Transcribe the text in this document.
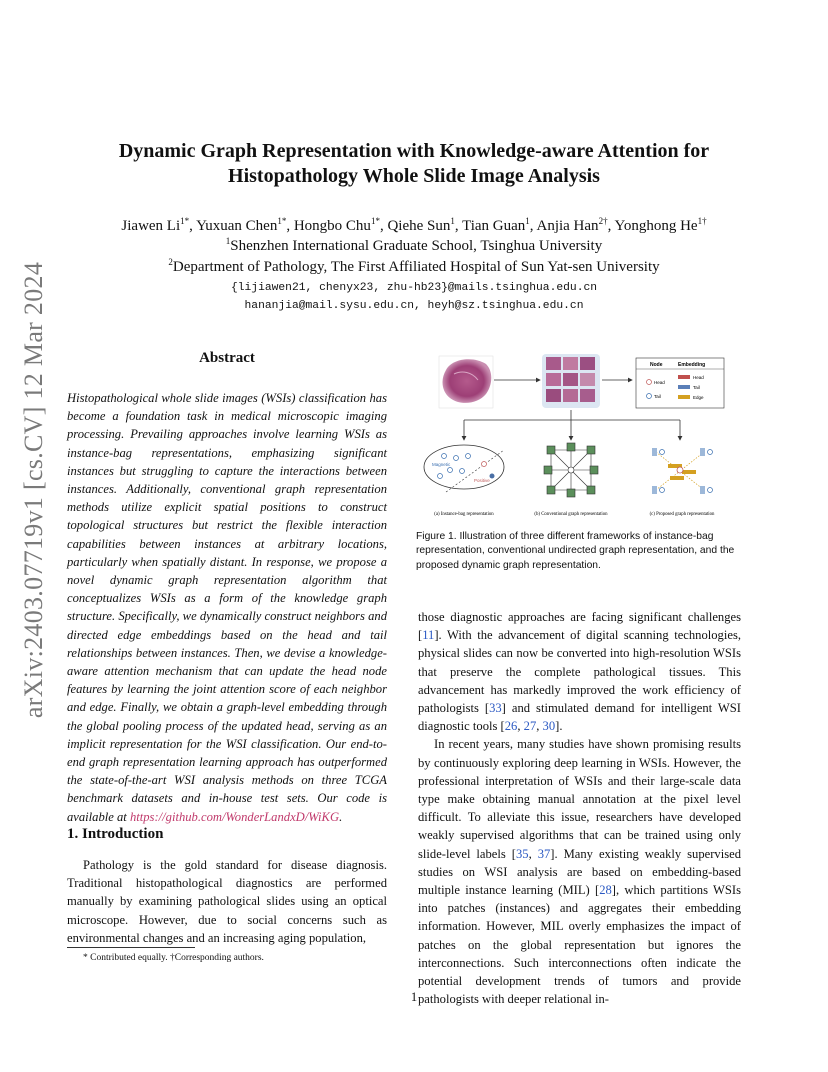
arXiv:2403.07719v1 [cs.CV] 12 Mar 2024
Dynamic Graph Representation with Knowledge-aware Attention for
Histopathology Whole Slide Image Analysis
Jiawen $Li^{1*}$, Yuxuan Chen$^{1*}$, Hongbo Chu$^{1*}$, Qiehe Sun$^1$, Tian Guan$^1$, Anjia Han$^{2\dagger}$, Yonghong $He^{1\dagger}$
$^1$Shenzhen International Graduate School, Tsinghua University
$^2$Department of Pathology, The First Affiliated Hospital of Sun Yat-sen University
{lijiawen21, chenyx23, zhu-hb23}@mails.tsinghua.edu.cn
hananjia@mail.sysu.edu.cn, heyh@sz.tsinghua.edu.cn
Abstract
Histopathological whole slide images (WSIs) classification has become a foundation task in medical microscopic imaging processing. Prevailing approaches involve learning WSIs as instance-bag representations, emphasizing significant instances but struggling to capture the interactions between instances. Additionally, conventional graph representation methods utilize explicit spatial positions to construct topological structures but restrict the flexible interaction capabilities between instances at arbitrary locations, particularly when spatially distant. In response, we propose a novel dynamic graph representation algorithm that conceptualizes WSIs as a form of the knowledge graph structure. Specifically, we dynamically construct neighbors and directed edge embeddings based on the head and tail relationships between instances. Then, we devise a knowledge-aware attention mechanism that can update the head node features by learning the joint attention score of each neighbor and edge. Finally, we obtain a graph-level embedding through the global pooling process of the updated head, serving as an implicit representation for the WSI classification. Our end-to-end graph representation learning approach has outperformed the state-of-the-art WSI analysis methods on three TCGA benchmark datasets and in-house test sets. Our code is available at https://github.com/WonderLandxD/WiKG.
1. Introduction
Pathology is the gold standard for disease diagnosis. Traditional histopathological diagnostics are performed manually by examining pathological slides using an optical microscope. However, due to social concerns such as environmental changes and an increasing aging population,
* Contributed equally. †Corresponding authors.
Node	Embedding
Head
Tail
Head
Tail
Edge
Magnetic
Positive
(a) Instance-bag representation	(b) Conventional graph representation	(c) Proposed graph representation
Figure 1. Illustration of three different frameworks of instance-bag representation, conventional undirected graph representation, and the proposed dynamic graph representation.

those diagnostic approaches are facing significant challenges [11]. With the advancement of digital scanning technologies, physical slides can now be converted into high-resolution WSIs that preserve the complete pathological tissues. This advancement has markedly improved the work efficiency of pathologists [33] and stimulated demand for intelligent WSI diagnostic tools [26, 27, 30].

In recent years, many studies have shown promising results by continuously exploring deep learning in WSIs. However, the professional interpretation of WSIs and their large-scale data type make obtaining manual annotation at the pixel level difficult. To alleviate this issue, researchers have developed weakly supervised algorithms that can be trained using only slide-level labels [35, 37]. Many existing weakly supervised studies on WSI analysis are based on embedding-based multiple instance learning (MIL) [28], which partitions WSIs into patches (instances) and aggregates their embedding information. However, MIL overly emphasizes the impact of patches on the global representation but ignores the interconnections. Such interconnections often indicate the potential development trends of tumors and provide pathologists with deeper relational in-

1
